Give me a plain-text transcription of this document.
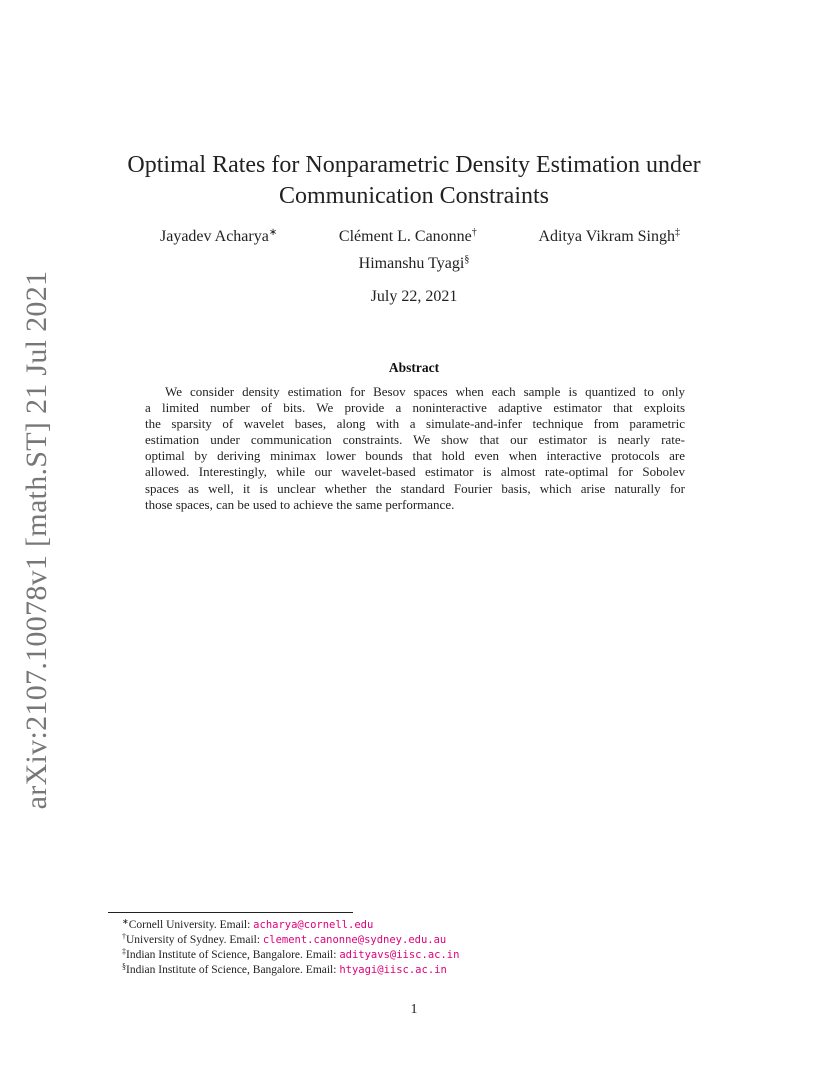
arXiv:2107.10078v1 [math.ST] 21 Jul 2021
Optimal Rates for Nonparametric Density Estimation under
Communication Constraints
Jayadev Acharya∗	Clément L. Canonne†	Aditya Vikram Singh‡
Himanshu Tyagi§
July 22, 2021
Abstract
We consider density estimation for Besov spaces when each sample is quantized to only
a limited number of bits. We provide a noninteractive adaptive estimator that exploits
the sparsity of wavelet bases, along with a simulate-and-infer technique from parametric
estimation under communication constraints. We show that our estimator is nearly rate-
optimal by deriving minimax lower bounds that hold even when interactive protocols are
allowed. Interestingly, while our wavelet-based estimator is almost rate-optimal for Sobolev
spaces as well, it is unclear whether the standard Fourier basis, which arise naturally for
those spaces, can be used to achieve the same performance.
∗Cornell University. Email: acharya@cornell.edu
†University of Sydney. Email: clement.canonne@sydney.edu.au
‡Indian Institute of Science, Bangalore. Email: adityavs@iisc.ac.in
§Indian Institute of Science, Bangalore. Email: htyagi@iisc.ac.in
1
